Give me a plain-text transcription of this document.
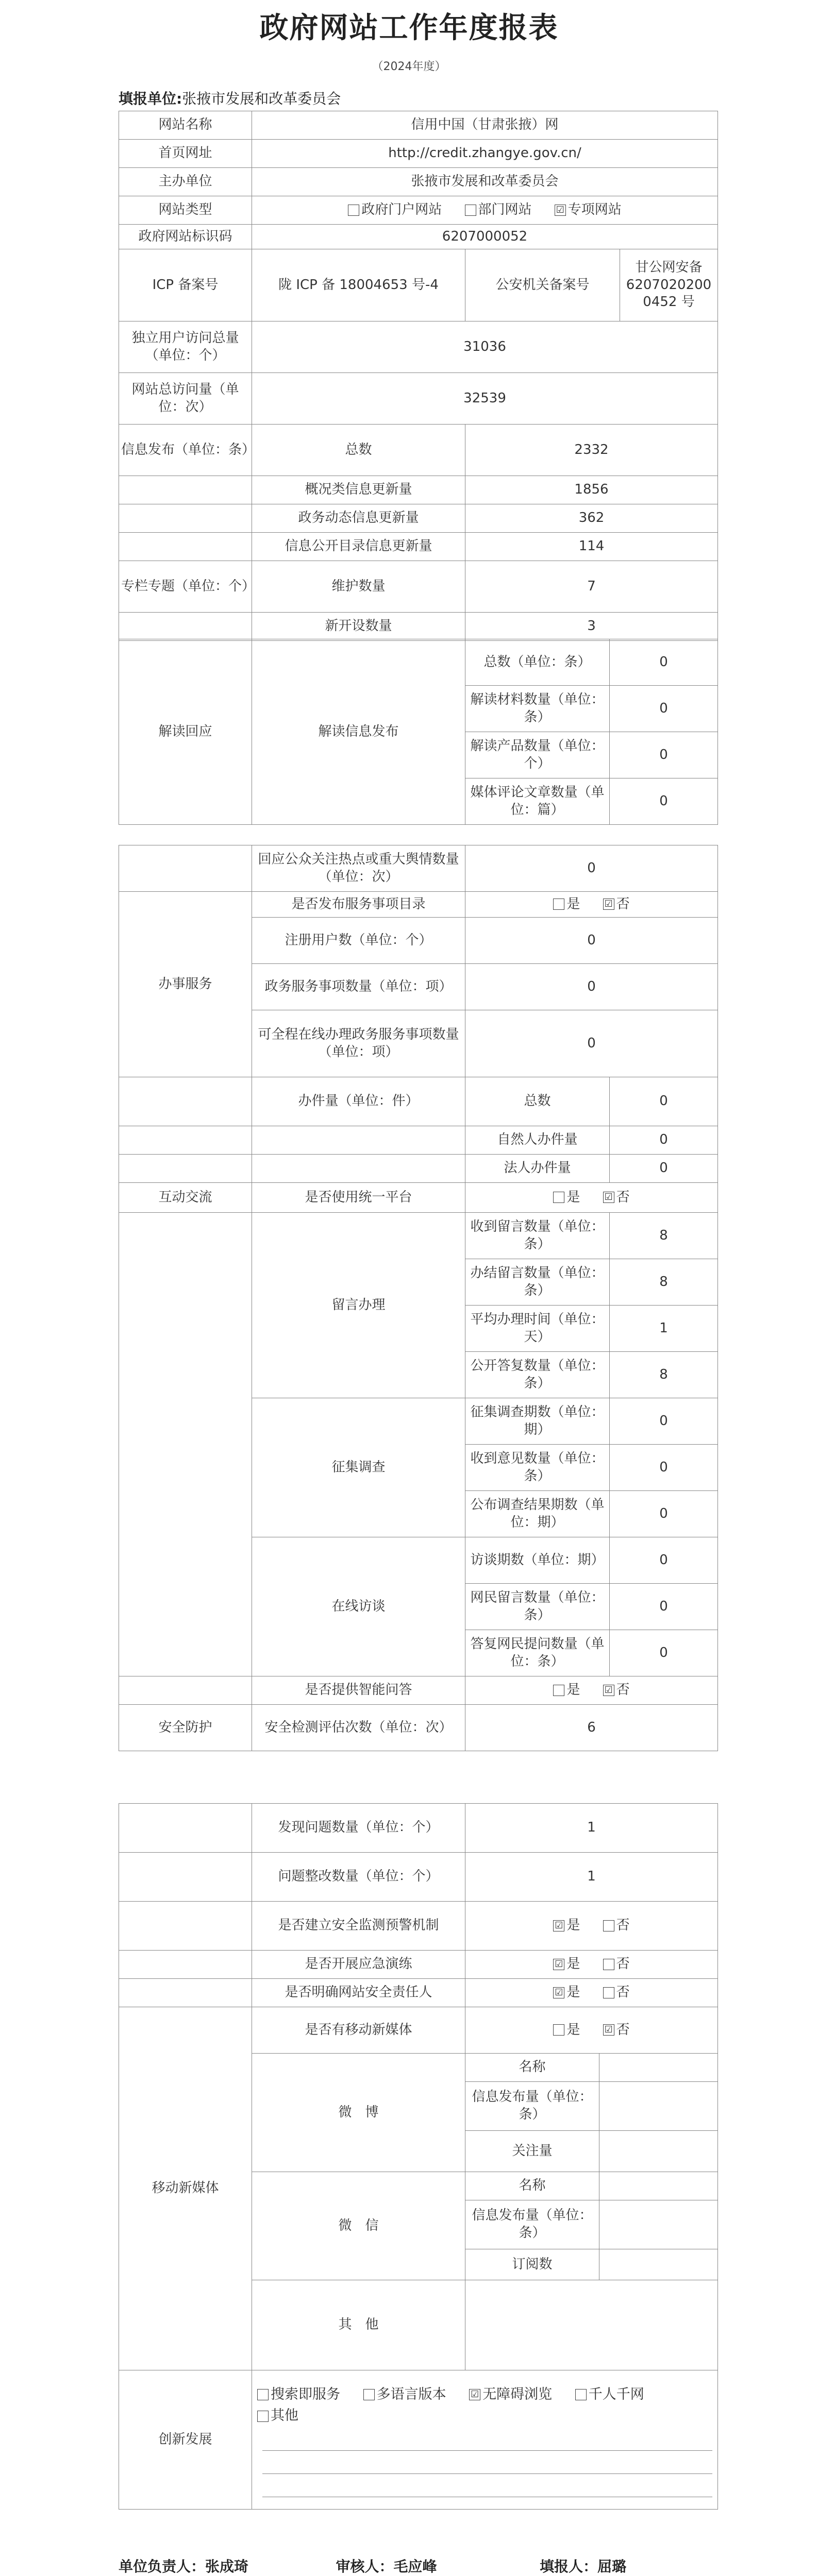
政府网站工作年度报表
（2024年度）
填报单位:张掖市发展和改革委员会
网站名称	信用中国（甘肃张掖）网		
首页网址	http://credit.zhangye.gov.cn/		
主办单位	张掖市发展和改革委员会		
网站类型	政府门户网站 部门网站 ☑ 专项网站		
政府网站标识码	6207000052		
ICP 备案号	陇 ICP 备 18004653 号-4	公安机关备案号	甘公网安备 62070202000452 号
独立用户访问总量（单位：个）	31036		
网站总访问量（单位：次）	32539		
信息发布（单位：条）	总数	2332	

	概况类信息更新量	1856	
	政务动态信息更新量	362	
	信息公开目录信息更新量	114	
专栏专题（单位：个）	维护数量	7	
	新开设数量	3	
解读回应	解读信息发布	总数（单位：条）	0
		解读材料数量（单位：条）	0
		解读产品数量（单位：个）	0
		媒体评论文章数量（单位：篇）	0
	回应公众关注热点或重大舆情数量（单位：次）	0	
办事服务	是否发布服务事项目录	是 ☑ 否	
	注册用户数（单位：个）	0	
	政务服务事项数量（单位：项）	0	
	可全程在线办理政务服务事项数量（单位：项）	0	
	办件量（单位：件）	总数	0
		自然人办件量	0
		法人办件量	0
互动交流	是否使用统一平台	是 ☑ 否	
	留言办理	收到留言数量（单位：条）	8
		办结留言数量（单位：条）	8
		平均办理时间（单位：天）	1
		公开答复数量（单位：条）	8
	征集调查	征集调查期数（单位：期）	0
		收到意见数量（单位：条）	0
		公布调查结果期数（单位：期）	0
	在线访谈	访谈期数（单位：期）	0
		网民留言数量（单位：条）	0
		答复网民提问数量（单位：条）	0
	是否提供智能问答	是 ☑ 否	
安全防护	安全检测评估次数（单位：次）	6	
	发现问题数量（单位：个）	1	
	问题整改数量（单位：个）	1	
	是否建立安全监测预警机制	☑ 是 否	
	是否开展应急演练	☑ 是 否	
	是否明确网站安全责任人	☑ 是 否	
移动新媒体	是否有移动新媒体	是 ☑ 否	
	微　博	名称	
		信息发布量（单位：条）	
		关注量	
	微　信	名称	
		信息发布量（单位：条）	
		订阅数	
	其　他		
创新发展	搜索即服务 多语言版本 ☑ 无障碍浏览 千人千网
其他		
单位负责人：张成琦	审核人：毛应峰	填报人：屈璐
